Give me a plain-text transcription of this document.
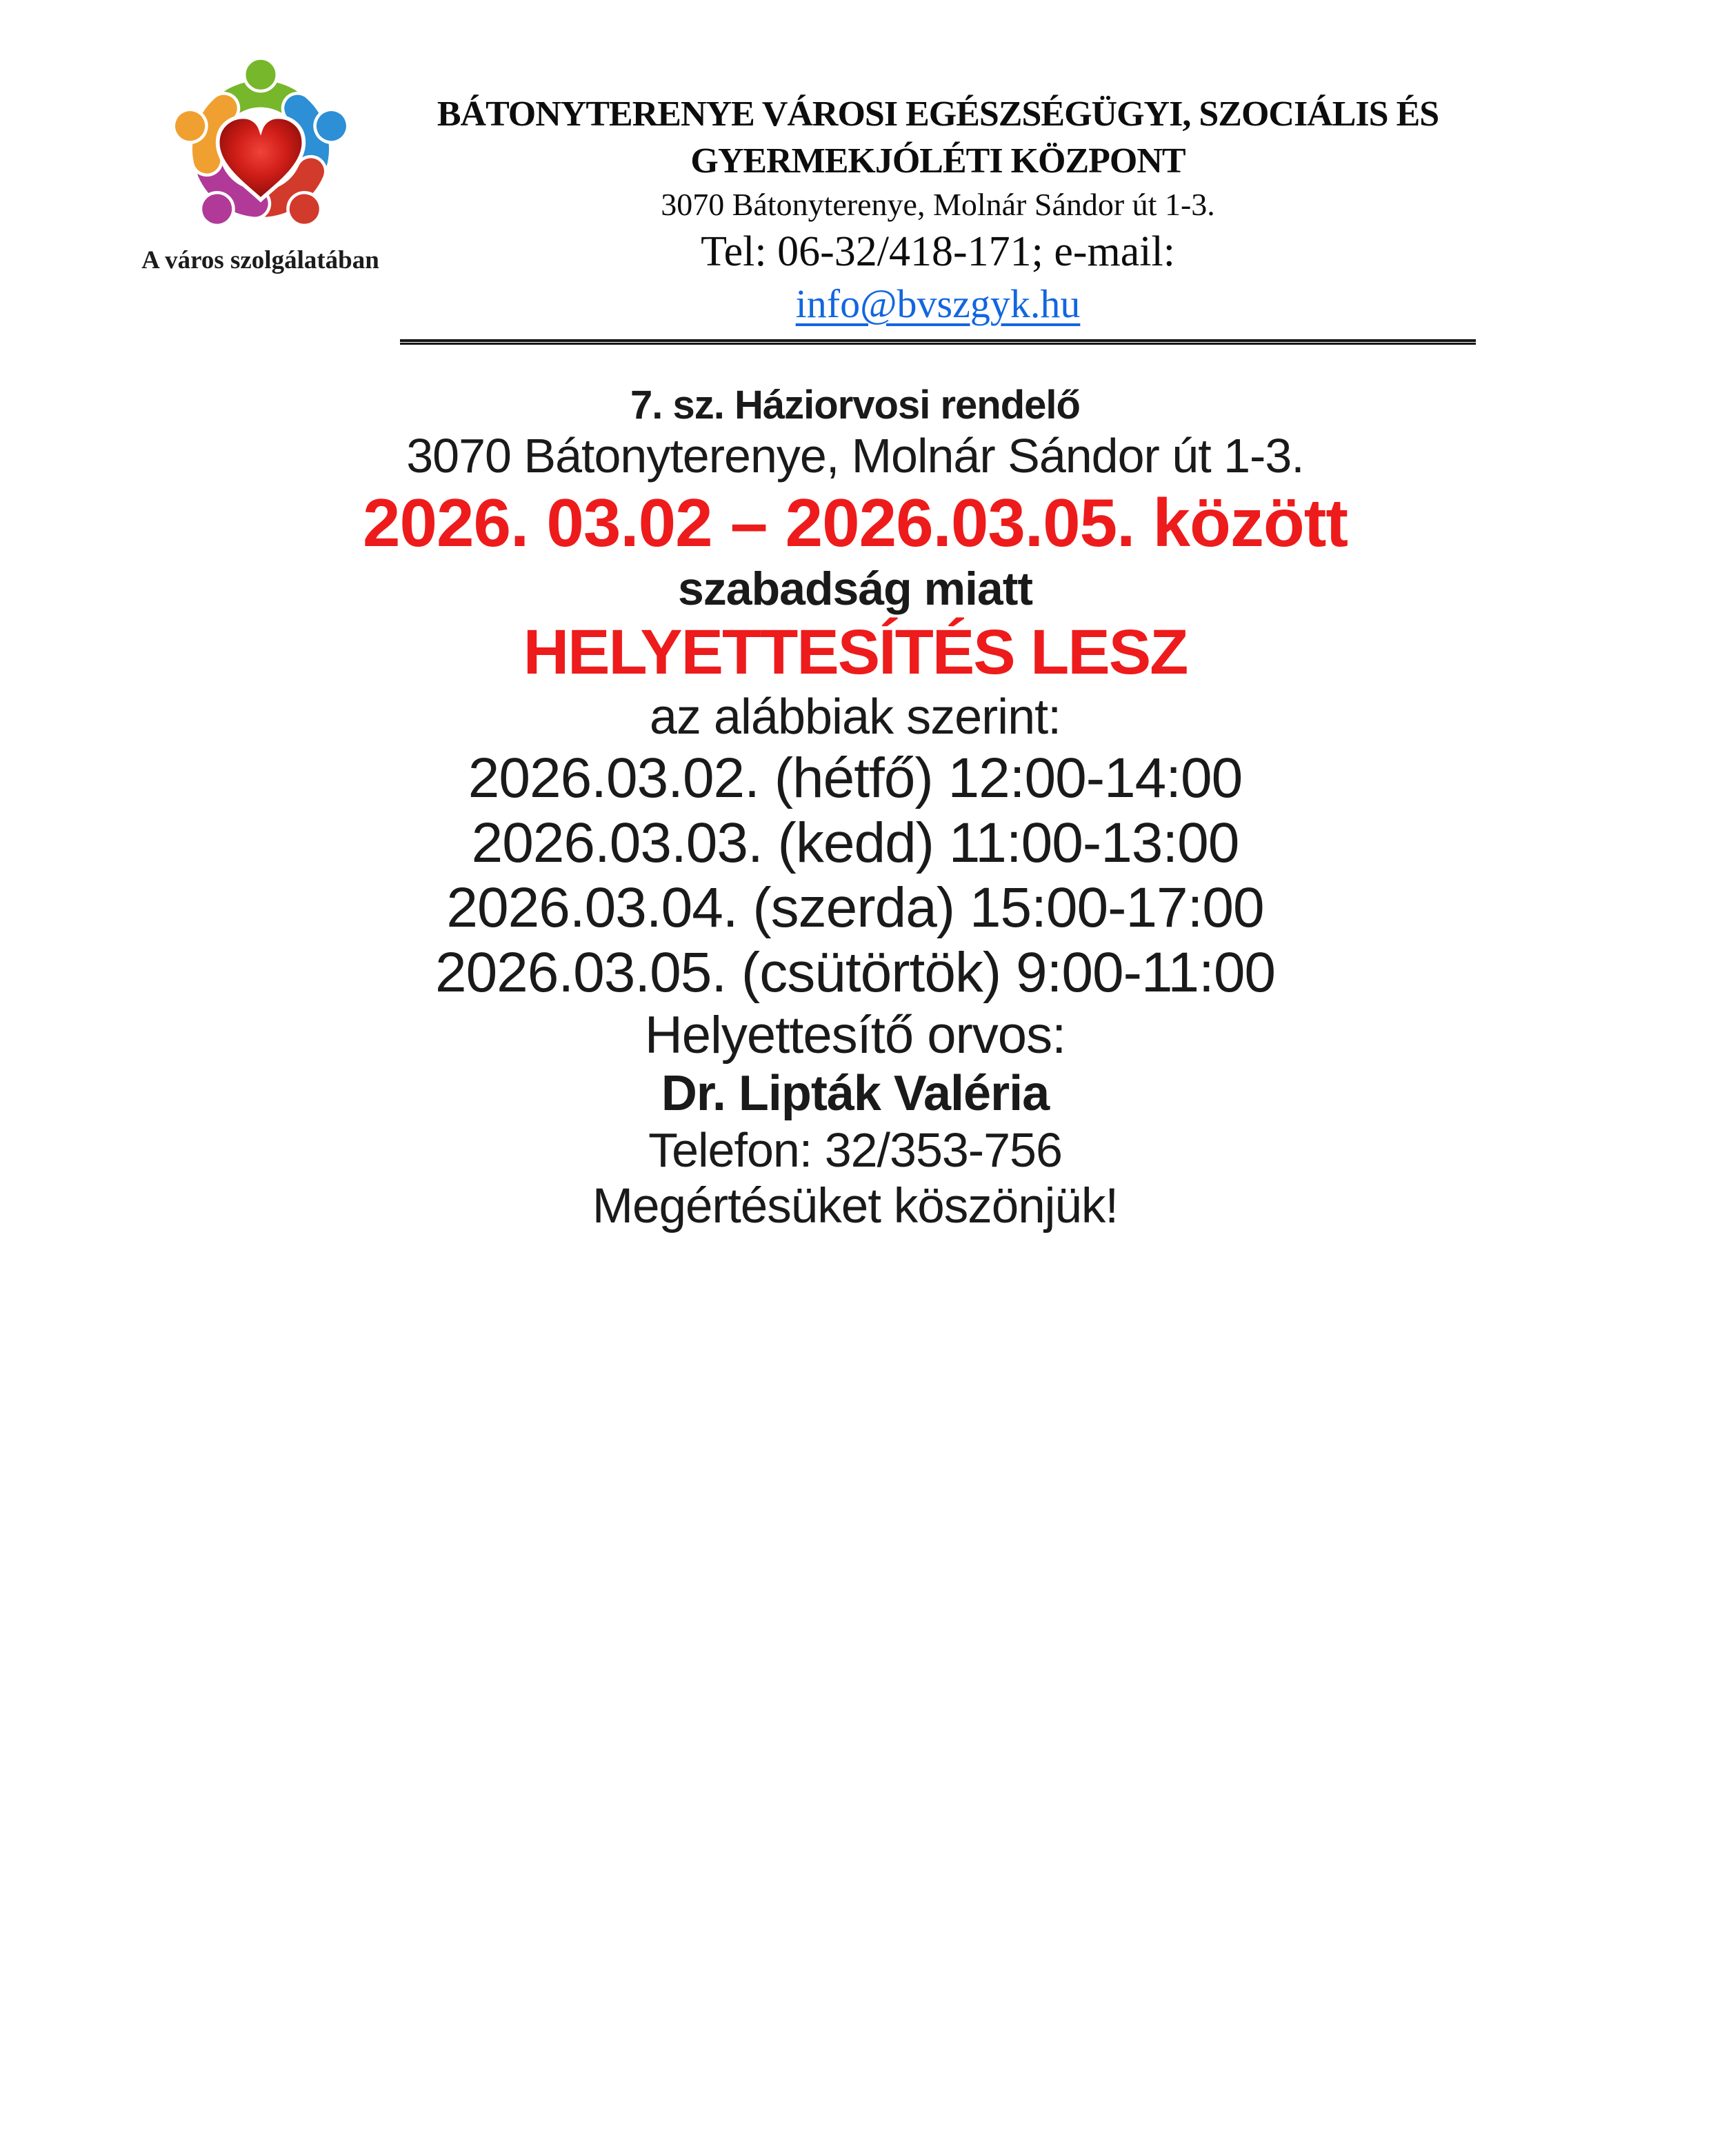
A város szolgálatában
BÁTONYTERENYE VÁROSI EGÉSZSÉGÜGYI, SZOCIÁLIS ÉS
GYERMEKJÓLÉTI KÖZPONT
3070 Bátonyterenye, Molnár Sándor út 1-3.
Tel: 06-32/418-171; e-mail:
info@bvszgyk.hu

7. sz. Háziorvosi rendelő

3070 Bátonyterenye, Molnár Sándor út 1-3.

2026. 03.02 – 2026.03.05. között

szabadság miatt

HELYETTESÍTÉS LESZ

az alábbiak szerint:

2026.03.02. (hétfő) 12:00-14:00

2026.03.03. (kedd) 11:00-13:00

2026.03.04. (szerda) 15:00-17:00

2026.03.05. (csütörtök) 9:00-11:00

Helyettesítő orvos:

Dr. Lipták Valéria

Telefon: 32/353-756

Megértésüket köszönjük!
